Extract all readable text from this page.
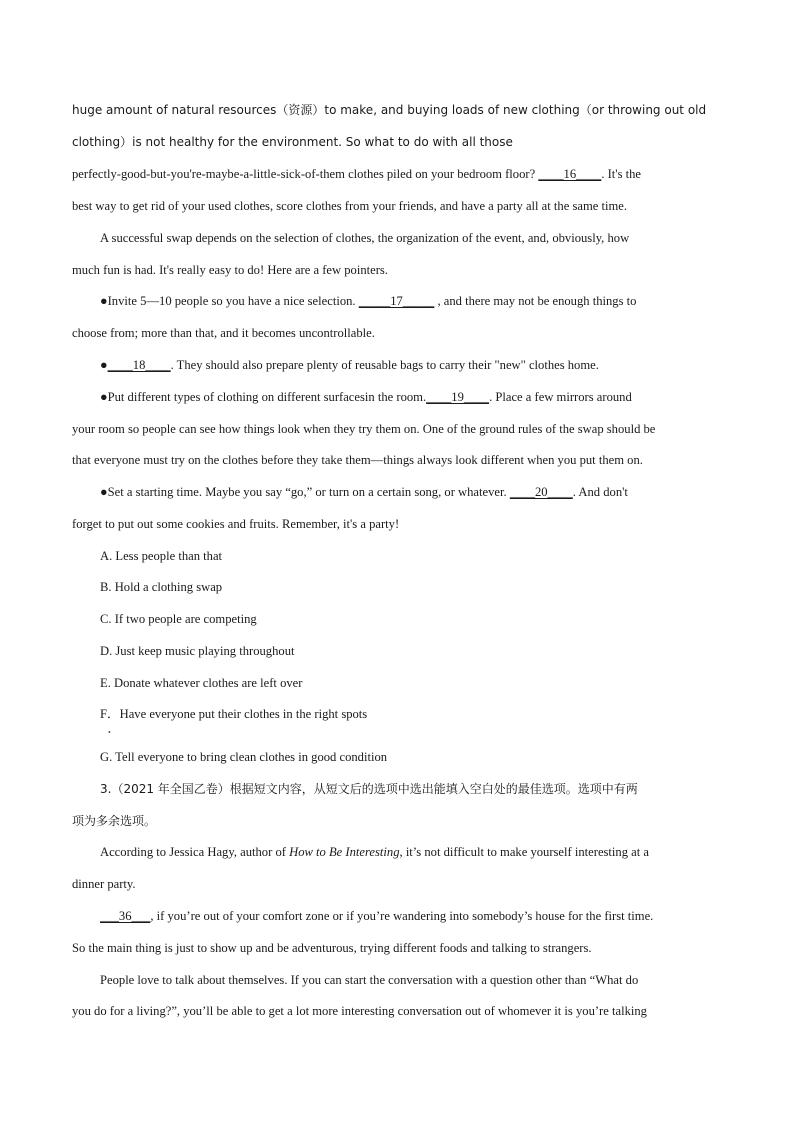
huge amount of natural resources（资源）to make, and buying loads of new clothing（or throwing out old
clothing）is not healthy for the environment. So what to do with all those
perfectly-good-but-you're-maybe-a-little-sick-of-them clothes piled on your bedroom floor? ____16____. It's the
best way to get rid of your used clothes, score clothes from your friends, and have a party all at the same time.
A successful swap depends on the selection of clothes, the organization of the event, and, obviously, how
much fun is had. It's really easy to do! Here are a few pointers.
●Invite 5—10 people so you have a nice selection. _____17_____ , and there may not be enough things to
choose from; more than that, and it becomes uncontrollable.
●____18____. They should also prepare plenty of reusable bags to carry their "new" clothes home.
●Put different types of clothing on different surfacesin the room.____19____. Place a few mirrors around
your room so people can see how things look when they try them on. One of the ground rules of the swap should be
that everyone must try on the clothes before they take them—things always look different when you put them on.
●Set a starting time. Maybe you say “go,” or turn on a certain song, or whatever. ____20____. And don't
forget to put out some cookies and fruits. Remember, it's a party!
A. Less people than that
B. Hold a clothing swap
C. If two people are competing
D. Just keep music playing throughout
E. Donate whatever clothes are left over
F．Have everyone put their clothes in the right spots
•
G. Tell everyone to bring clean clothes in good condition
3.（2021 年全国乙卷）根据短文内容，从短文后的选项中选出能填入空白处的最佳选项。选项中有两
项为多余选项。
According to Jessica Hagy, author of How to Be Interesting, it’s not difficult to make yourself interesting at a
dinner party.
___36___, if you’re out of your comfort zone or if you’re wandering into somebody’s house for the first time.
So the main thing is just to show up and be adventurous, trying different foods and talking to strangers.
People love to talk about themselves. If you can start the conversation with a question other than “What do
you do for a living?”, you’ll be able to get a lot more interesting conversation out of whomever it is you’re talking
